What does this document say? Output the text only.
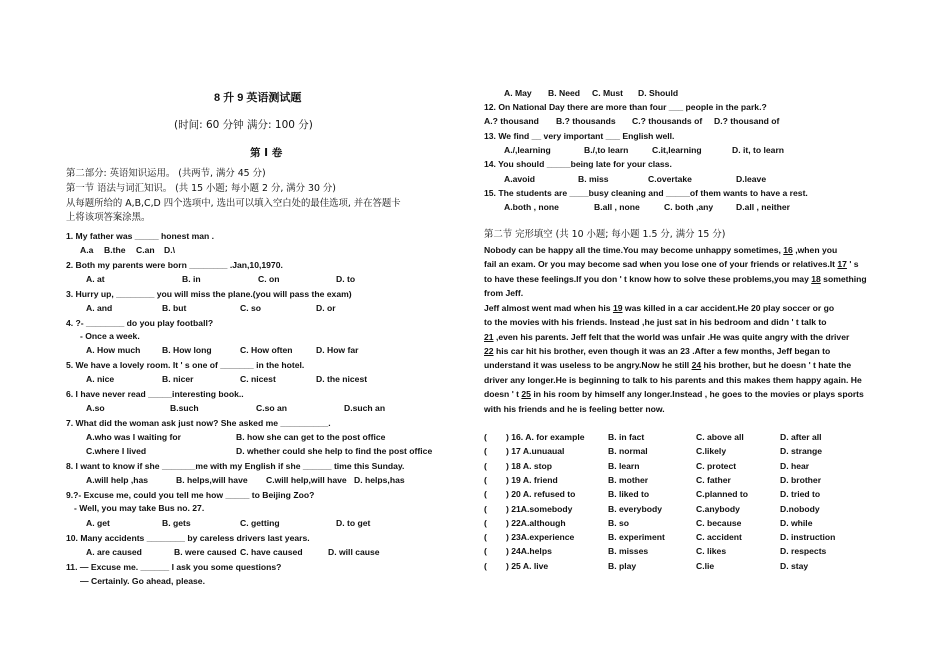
8 升 9 英语测试题
(时间: 60 分钟 满分: 100 分)
第 Ⅰ 卷
第二部分: 英语知识运用。 (共两节, 满分 45 分)
第一节 语法与词汇知识。 (共 15 小题; 每小题 2 分, 满分 30 分)
从每题所给的 A,B,C,D 四个选项中, 选出可以填入空白处的最佳选项, 并在答题卡
上将该项答案涂黑。
1. My father was _____ honest man .
A.a B.the C.an D.\
2. Both my parents were born ________ .Jan,10,1970.
A. at	B. in	C. on	D. to
3. Hurry up, ________ you will miss the plane.(you will pass the exam)
A. and	B. but	C. so	D. or
4. ?- ________ do you play football?
- Once a week.
A. How much	B. How long	C. How often	D. How far
5. We have a lovely room. It ' s one of _______ in the hotel.
A. nice	B. nicer	C. nicest	D. the nicest
6. I have never read _____interesting book..
A.so	B.such	C.so an	D.such an
7. What did the woman ask just now? She asked me __________.
A.who was I waiting for	B. how she can get to the post office
C.where I lived	D. whether could she help to find the post office
8. I want to know if she _______me with my English if she ______ time this Sunday.
A.will help ,has	B. helps,will have C.will help,will have D. helps,has
9.?- Excuse me, could you tell me how _____ to Beijing Zoo?
- Well, you may take Bus no. 27.
A. get	B. gets	C. getting	D. to get
10. Many accidents ________ by careless drivers last years.
A. are caused	B. were caused C. have caused	D. will cause
11. — Excuse me. ______ I ask you some questions?
— Certainly. Go ahead, please.
A. May B. Need C. Must D. Should
12. On National Day there are more than four ___ people in the park.?
A.? thousand B.? thousands C.? thousands of D.? thousand of
13. We find __ very important ___ English well.
A./,learning	B./,to learn	C.it,learning	D. it, to learn
14. You should _____being late for your class.
A.avoid	B. miss	C.overtake	D.leave
15. The students are ____busy cleaning and _____of them wants to have a rest.
A.both , none	B.all , none	C. both ,any	D.all , neither
第二节 完形填空 (共 10 小题; 每小题 1.5 分, 满分 15 分)
Nobody can be happy all the time.You may become unhappy sometimes, 16 ,when you
fail an exam. Or you may become sad when you lose one of your friends or relatives.It 17 ' s
to have these feelings.If you don ' t know how to solve these problems,you may 18 something
from Jeff.
Jeff almost went mad when his 19 was killed in a car accident.He 20 play soccer or go
to the movies with his friends. Instead ,he just sat in his bedroom and didn ' t talk to
21 ,even his parents. Jeff felt that the world was unfair .He was quite angry with the driver
22 his car hit his brother, even though it was an 23 .After a few months, Jeff began to
understand it was useless to be angry.Now he still 24 his brother, but he doesn ' t hate the
driver any longer.He is beginning to talk to his parents and this makes them happy again. He
doesn ' t 25 in his room by himself any longer.Instead , he goes to the movies or plays sports
with his friends and he is feeling better now.
( ) 16. A. for example	B. in fact	C. above all	D. after all
( ) 17 A.unuaual	B. normal	C.likely	D. strange
( ) 18 A. stop	B. learn	C. protect	D. hear
( ) 19 A. friend	B. mother	C. father	D. brother
( ) 20 A. refused to	B. liked to	C.planned to	D. tried to
( ) 21A.somebody	B. everybody	C.anybody	D.nobody
( ) 22A.although	B. so	C. because	D. while
( ) 23A.experience	B. experiment	C. accident	D. instruction
( ) 24A.helps	B. misses	C. likes	D. respects
( ) 25 A. live	B. play	C.lie	D. stay
